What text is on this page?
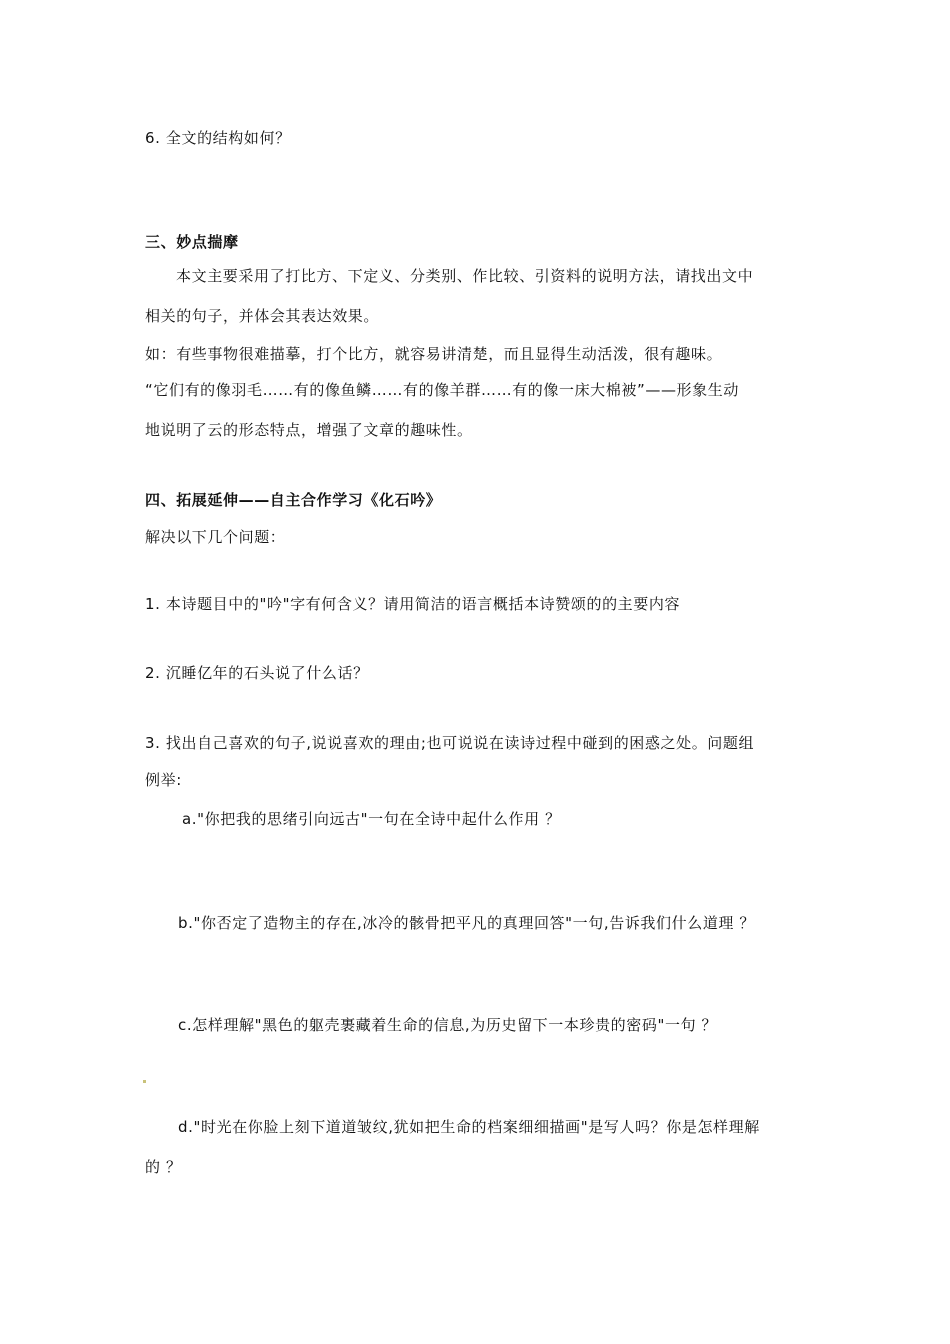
6. 全文的结构如何？
三、妙点揣摩
本文主要采用了打比方、下定义、分类别、作比较、引资料的说明方法，请找出文中
相关的句子，并体会其表达效果。
如：有些事物很难描摹，打个比方，就容易讲清楚，而且显得生动活泼，很有趣味。
“它们有的像羽毛……有的像鱼鳞……有的像羊群……有的像一床大棉被”——形象生动
地说明了云的形态特点，增强了文章的趣味性。
四、拓展延伸——自主合作学习《化石吟》
解决以下几个问题：
1. 本诗题目中的"吟"字有何含义？请用简洁的语言概括本诗赞颂的的主要内容
2. 沉睡亿年的石头说了什么话？
3. 找出自己喜欢的句子,说说喜欢的理由;也可说说在读诗过程中碰到的困惑之处。问题组
例举:
a."你把我的思绪引向远古"一句在全诗中起什么作用 ？
b."你否定了造物主的存在,冰冷的骸骨把平凡的真理回答"一句,告诉我们什么道理 ？
c.怎样理解"黑色的躯壳裹藏着生命的信息,为历史留下一本珍贵的密码"一句 ？
d."时光在你脸上刻下道道皱纹,犹如把生命的档案细细描画"是写人吗？你是怎样理解
的 ？
